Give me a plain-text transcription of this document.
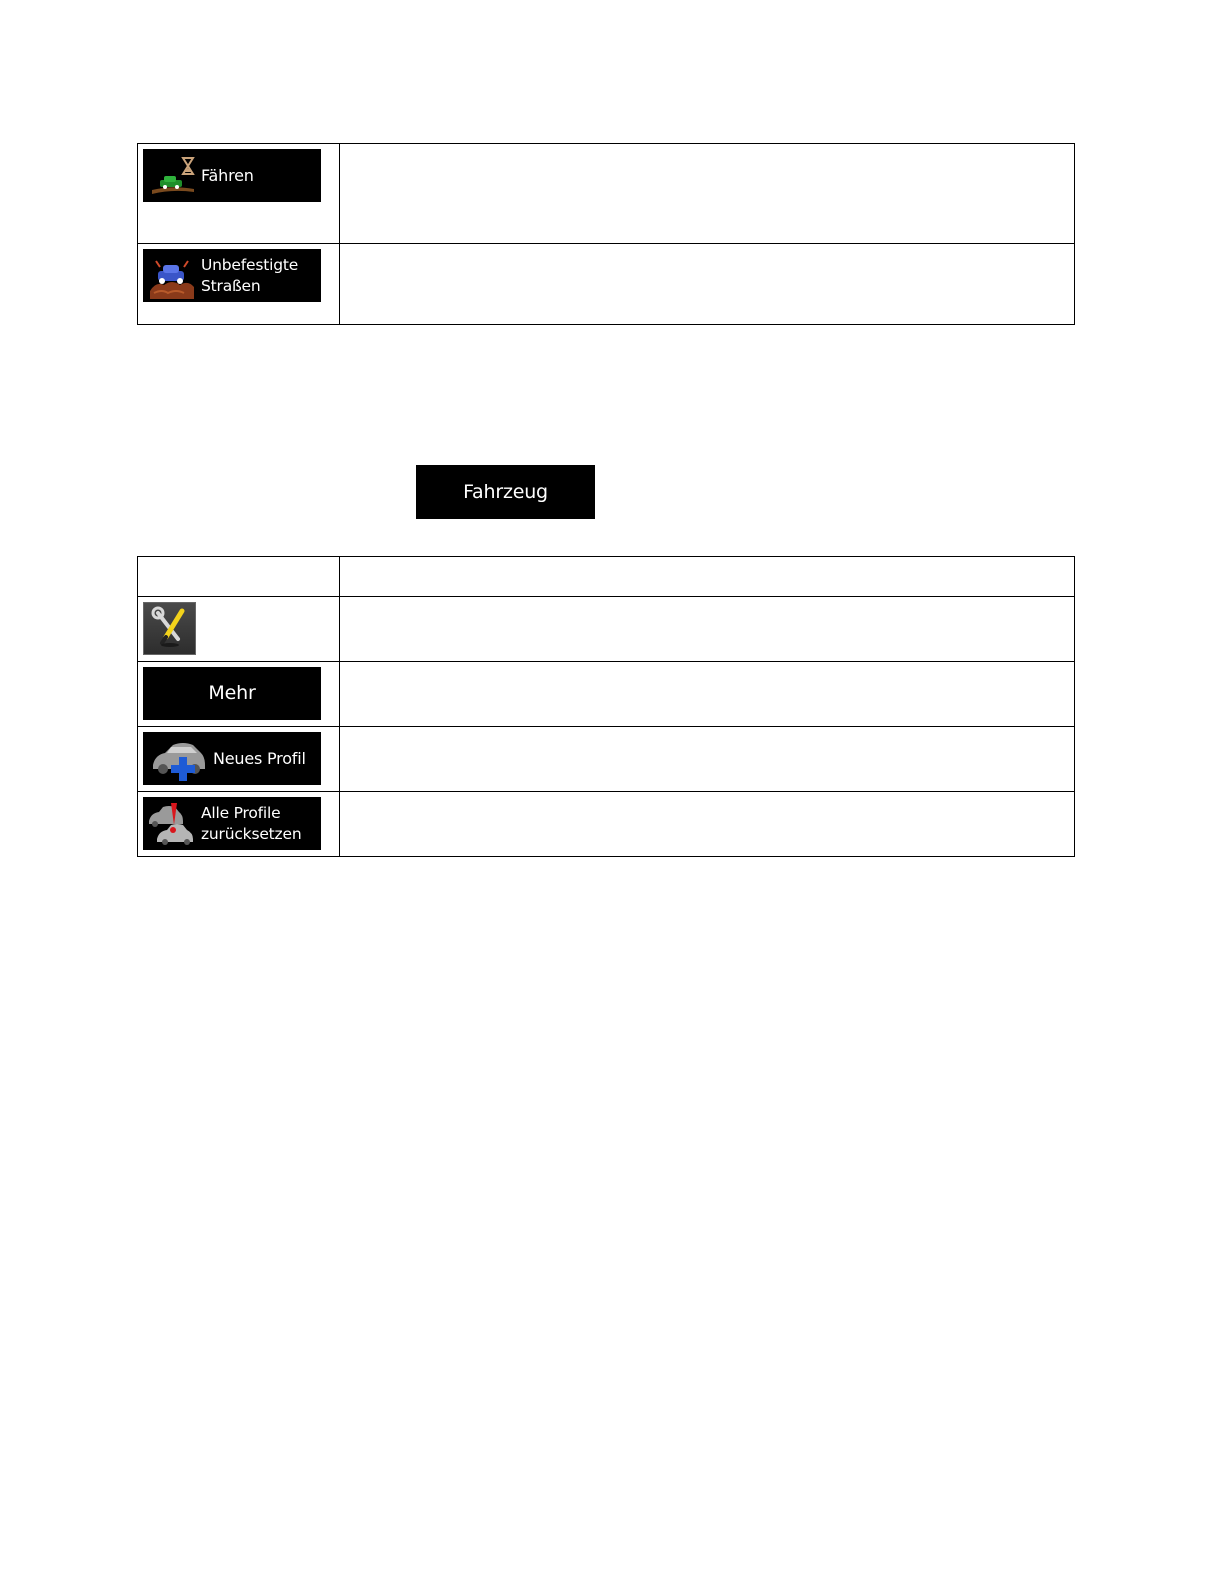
Fähren	

Unbefestigte
Straßen	

Fahrzeug

Mehr	

Neues Profil	

Alle Profile
zurücksetzen	
